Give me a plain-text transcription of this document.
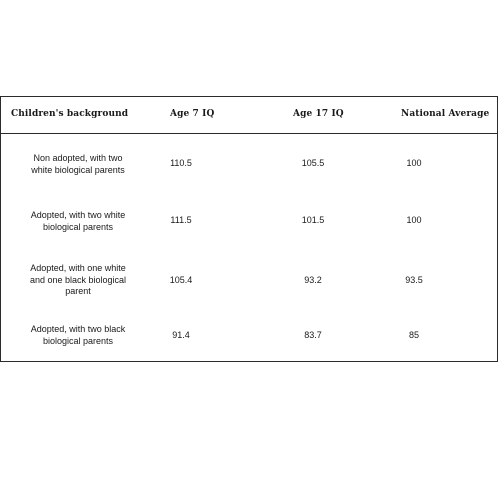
Children's background	Age 7 IQ	Age 17 IQ	National Average
Non adopted, with two
white biological parents
110.5	105.5	100
Adopted, with two white
biological parents
111.5	101.5	100
Adopted, with one white
and one black biological
parent
105.4	93.2	93.5
Adopted, with two black
biological parents
91.4	83.7	85
